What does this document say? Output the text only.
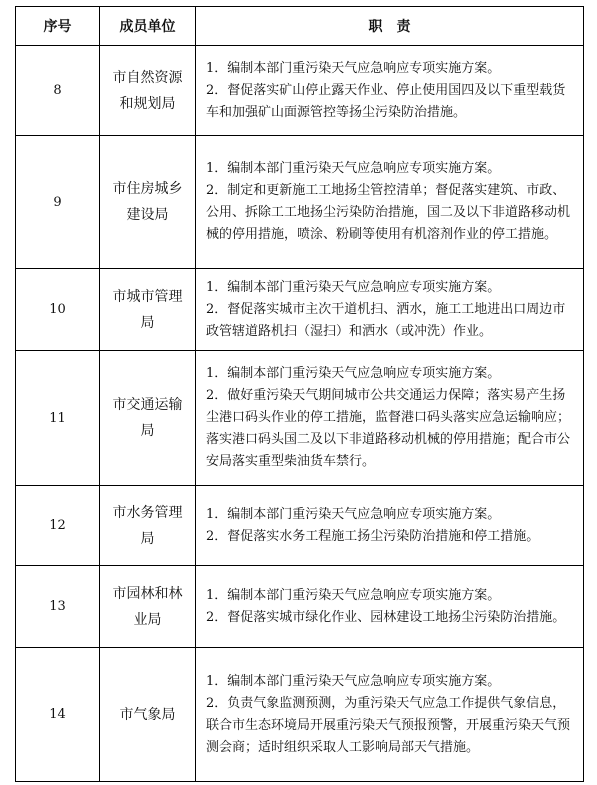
序号	成员单位	职　责
8	市自然资源和规划局	1．编制本部门重污染天气应急响应专项实施方案。
2．督促落实矿山停止露天作业、停止使用国四及以下重型载货车和加强矿山面源管控等扬尘污染防治措施。

9	市住房城乡建设局	1．编制本部门重污染天气应急响应专项实施方案。
2．制定和更新施工工地扬尘管控清单；督促落实建筑、市政、公用、拆除工工地扬尘污染防治措施，国二及以下非道路移动机械的停用措施，喷涂、粉刷等使用有机溶剂作业的停工措施。

10	市城市管理局	1．编制本部门重污染天气应急响应专项实施方案。
2．督促落实城市主次干道机扫、洒水，施工工地进出口周边市政管辖道路机扫（湿扫）和洒水（或冲洗）作业。

11	市交通运输局	1．编制本部门重污染天气应急响应专项实施方案。
2．做好重污染天气期间城市公共交通运力保障；落实易产生扬尘港口码头作业的停工措施，监督港口码头落实应急运输响应；落实港口码头国二及以下非道路移动机械的停用措施；配合市公安局落实重型柴油货车禁行。

12	市水务管理局	1．编制本部门重污染天气应急响应专项实施方案。
2．督促落实水务工程施工扬尘污染防治措施和停工措施。

13	市园林和林业局	1．编制本部门重污染天气应急响应专项实施方案。
2．督促落实城市绿化作业、园林建设工地扬尘污染防治措施。

14	市气象局	1．编制本部门重污染天气应急响应专项实施方案。
2．负责气象监测预测，为重污染天气应急工作提供气象信息，联合市生态环境局开展重污染天气预报预警，开展重污染天气预测会商；适时组织采取人工影响局部天气措施。
